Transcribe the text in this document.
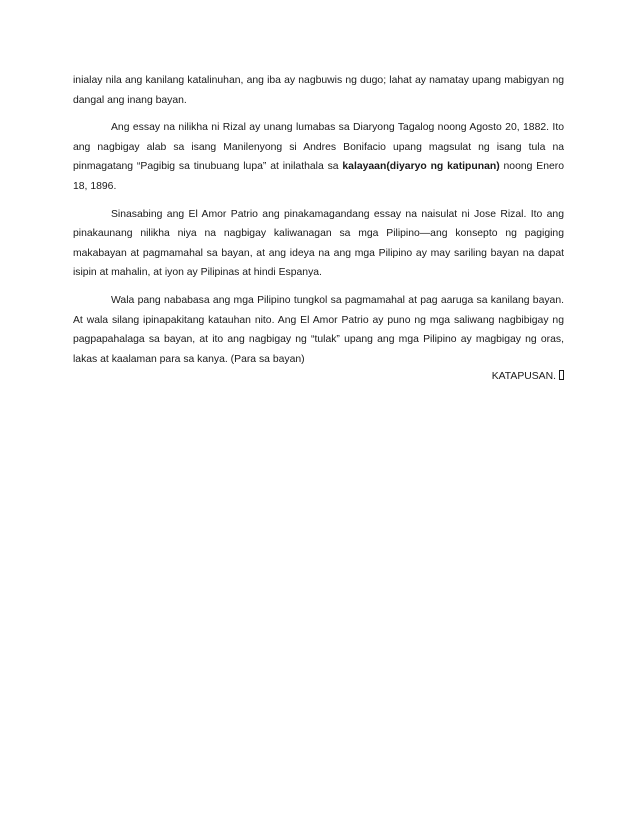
inialay nila ang kanilang katalinuhan, ang iba ay nagbuwis ng dugo; lahat ay namatay upang mabigyan ng dangal ang inang bayan.

Ang essay na nilikha ni Rizal ay unang lumabas sa Diaryong Tagalog noong Agosto 20, 1882. Ito ang nagbigay alab sa isang Manilenyong si Andres Bonifacio upang magsulat ng isang tula na pinmagatang “Pagibig sa tinubuang lupa” at inilathala sa kalayaan(diyaryo ng katipunan) noong Enero 18, 1896.

Sinasabing ang El Amor Patrio ang pinakamagandang essay na naisulat ni Jose Rizal. Ito ang pinakaunang nilikha niya na nagbigay kaliwanagan sa mga Pilipino—ang konsepto ng pagiging makabayan at pagmamahal sa bayan, at ang ideya na ang mga Pilipino ay may sariling bayan na dapat isipin at mahalin, at iyon ay Pilipinas at hindi Espanya.

Wala pang nababasa ang mga Pilipino tungkol sa pagmamahal at pag aaruga sa kanilang bayan. At wala silang ipinapakitang katauhan nito. Ang El Amor Patrio ay puno ng mga saliwang nagbibigay ng pagpapahalaga sa bayan, at ito ang nagbigay ng “tulak” upang ang mga Pilipino ay magbigay ng oras, lakas at kaalaman para sa kanya. (Para sa bayan)

KATAPUSAN.
